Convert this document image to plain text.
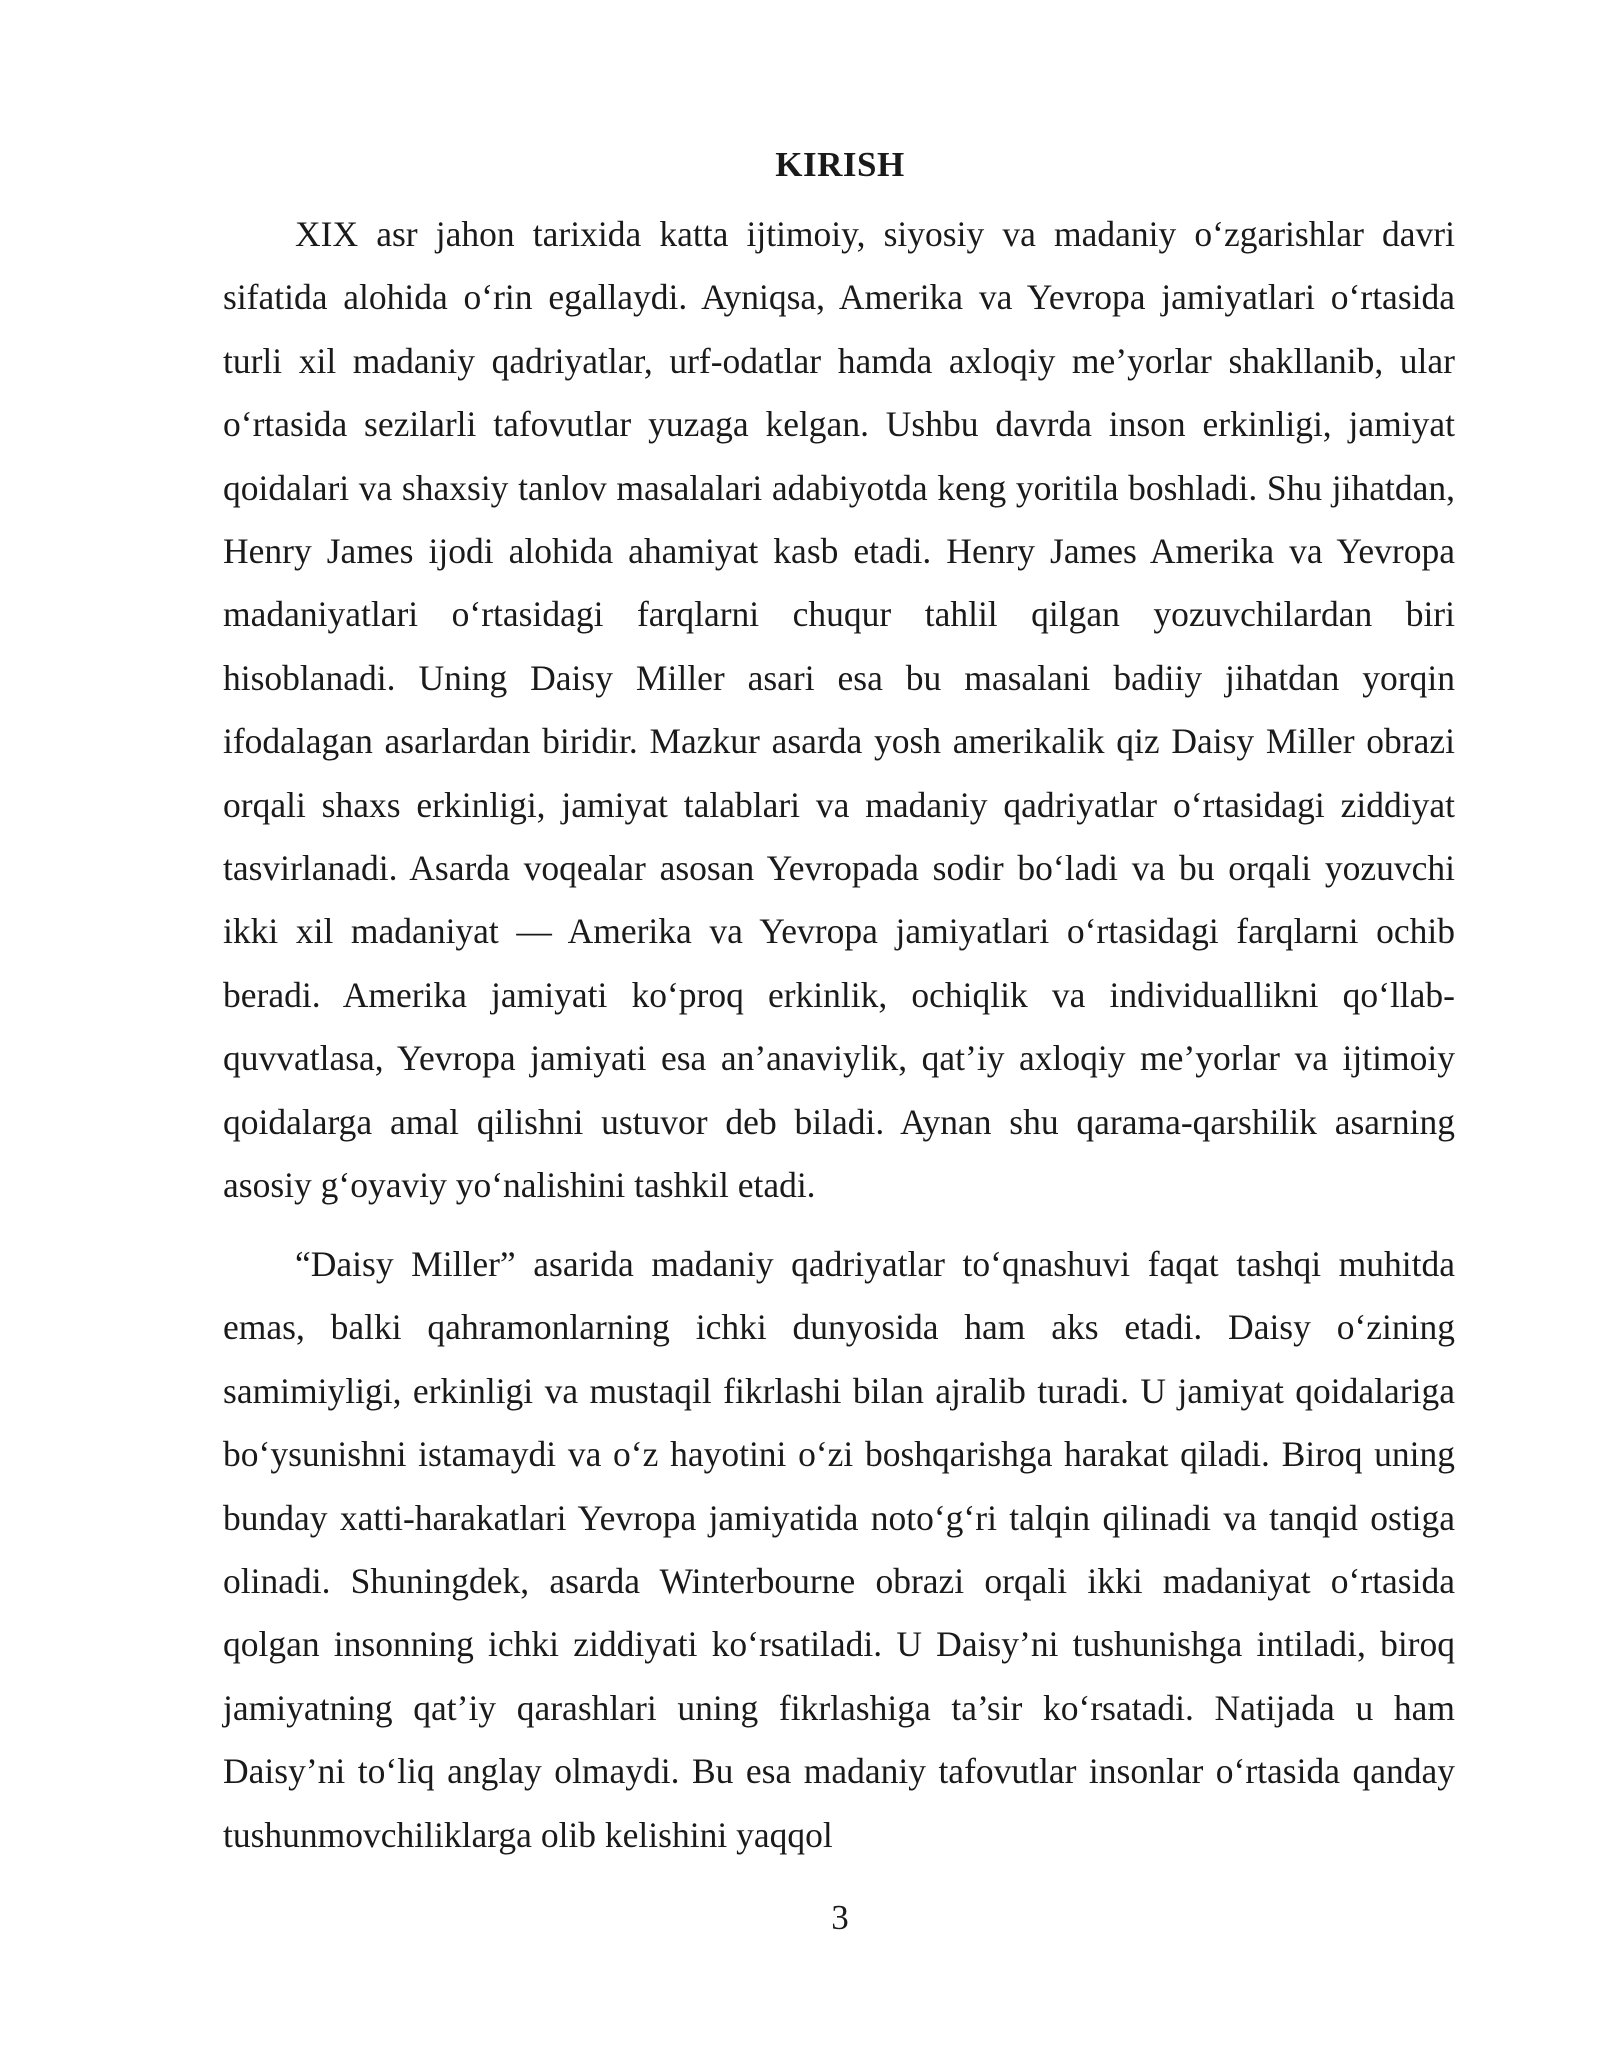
KIRISH

XIX asr jahon tarixida katta ijtimoiy, siyosiy va madaniy o‘zgarishlar davri sifatida alohida o‘rin egallaydi. Ayniqsa, Amerika va Yevropa jamiyatlari o‘rtasida turli xil madaniy qadriyatlar, urf-odatlar hamda axloqiy me’yorlar shakllanib, ular o‘rtasida sezilarli tafovutlar yuzaga kelgan. Ushbu davrda inson erkinligi, jamiyat qoidalari va shaxsiy tanlov masalalari adabiyotda keng yoritila boshladi. Shu jihatdan, Henry James ijodi alohida ahamiyat kasb etadi. Henry James Amerika va Yevropa madaniyatlari o‘rtasidagi farqlarni chuqur tahlil qilgan yozuvchilardan biri hisoblanadi. Uning Daisy Miller asari esa bu masalani badiiy jihatdan yorqin ifodalagan asarlardan biridir. Mazkur asarda yosh amerikalik qiz Daisy Miller obrazi orqali shaxs erkinligi, jamiyat talablari va madaniy qadriyatlar o‘rtasidagi ziddiyat tasvirlanadi. Asarda voqealar asosan Yevropada sodir bo‘ladi va bu orqali yozuvchi ikki xil madaniyat — Amerika va Yevropa jamiyatlari o‘rtasidagi farqlarni ochib beradi. Amerika jamiyati ko‘proq erkinlik, ochiqlik va individuallikni qo‘llab-quvvatlasa, Yevropa jamiyati esa an’anaviylik, qat’iy axloqiy me’yorlar va ijtimoiy qoidalarga amal qilishni ustuvor deb biladi. Aynan shu qarama-qarshilik asarning asosiy g‘oyaviy yo‘nalishini tashkil etadi.

“Daisy Miller” asarida madaniy qadriyatlar to‘qnashuvi faqat tashqi muhitda emas, balki qahramonlarning ichki dunyosida ham aks etadi. Daisy o‘zining samimiyligi, erkinligi va mustaqil fikrlashi bilan ajralib turadi. U jamiyat qoidalariga bo‘ysunishni istamaydi va o‘z hayotini o‘zi boshqarishga harakat qiladi. Biroq uning bunday xatti-harakatlari Yevropa jamiyatida noto‘g‘ri talqin qilinadi va tanqid ostiga olinadi. Shuningdek, asarda Winterbourne obrazi orqali ikki madaniyat o‘rtasida qolgan insonning ichki ziddiyati ko‘rsatiladi. U Daisy’ni tushunishga intiladi, biroq jamiyatning qat’iy qarashlari uning fikrlashiga ta’sir ko‘rsatadi. Natijada u ham Daisy’ni to‘liq anglay olmaydi. Bu esa madaniy tafovutlar insonlar o‘rtasida qanday tushunmovchiliklarga olib kelishini yaqqol

3
